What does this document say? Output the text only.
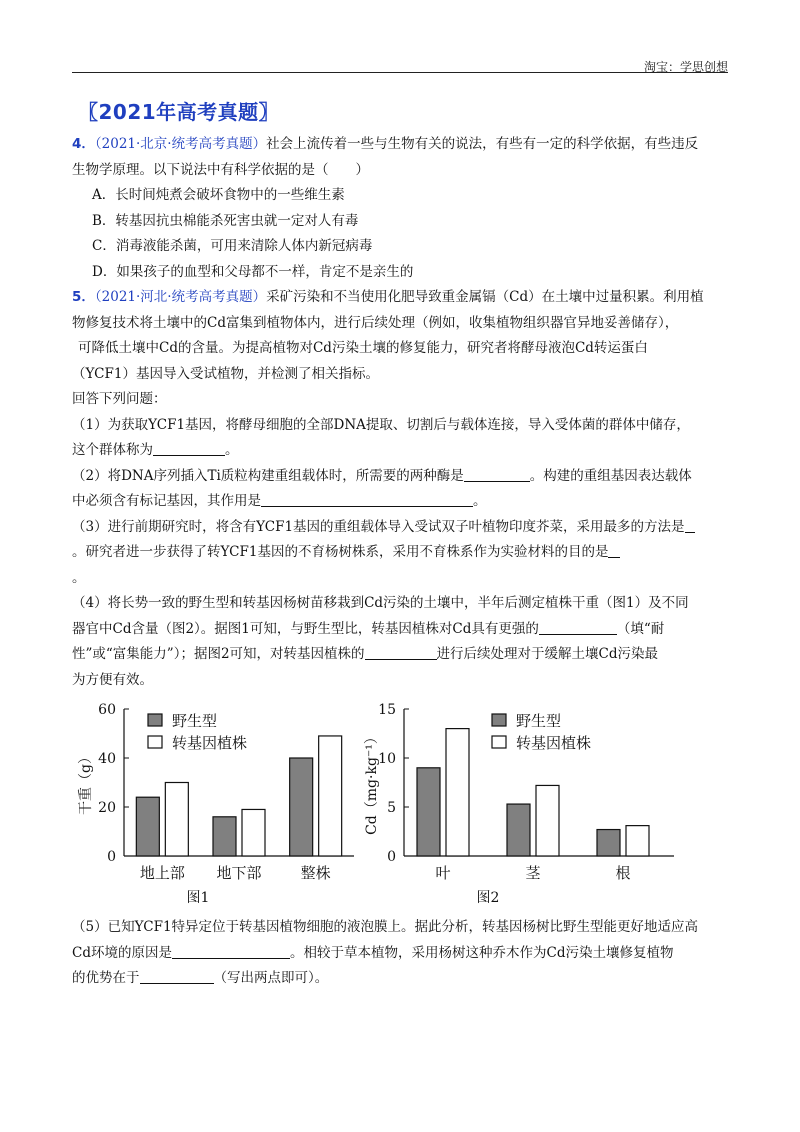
淘宝：学思创想
〖2021年高考真题〗

4．（2021·北京·统考高考真题）社会上流传着一些与生物有关的说法，有些有一定的科学依据，有些违反

生物学原理。以下说法中有科学依据的是（　　）

A．长时间炖煮会破坏食物中的一些维生素

B．转基因抗虫棉能杀死害虫就一定对人有毒

C．消毒液能杀菌，可用来清除人体内新冠病毒

D．如果孩子的血型和父母都不一样，肯定不是亲生的

5．（2021·河北·统考高考真题）采矿污染和不当使用化肥导致重金属镉（Cd）在土壤中过量积累。利用植

物修复技术将土壤中的Cd富集到植物体内，进行后续处理（例如，收集植物组织器官异地妥善储存），

可降低土壤中Cd的含量。为提高植物对Cd污染土壤的修复能力，研究者将酵母液泡Cd转运蛋白

（YCF1）基因导入受试植物，并检测了相关指标。

回答下列问题：

（1）为获取YCF1基因，将酵母细胞的全部DNA提取、切割后与载体连接，导入受体菌的群体中储存，

这个群体称为	。

（2）将DNA序列插入Ti质粒构建重组载体时，所需要的两种酶是	。构建的重组基因表达载体

中必须含有标记基因，其作用是	。

（3）进行前期研究时，将含有YCF1基因的重组载体导入受试双子叶植物印度芥菜，采用最多的方法是

。研究者进一步获得了转YCF1基因的不育杨树株系，采用不育株系作为实验材料的目的是

。

（4）将长势一致的野生型和转基因杨树苗移栽到Cd污染的土壤中，半年后测定植株干重（图1）及不同

器官中Cd含量（图2）。据图1可知，与野生型比，转基因植株对Cd具有更强的	（填“耐

性”或“富集能力”）；据图2可知，对转基因植株的	进行后续处理对于缓解土壤Cd污染最

为方便有效。

0
20
40
60
干重（g）
地上部 地下部	整株
野生型
转基因植株
图1
0
5
10
15
Cd（mg·kg⁻¹）
叶	茎	根
野生型
转基因植株
图2

（5）已知YCF1特异定位于转基因植物细胞的液泡膜上。据此分析，转基因杨树比野生型能更好地适应高

Cd环境的原因是	。相较于草本植物，采用杨树这种乔木作为Cd污染土壤修复植物

的优势在于	（写出两点即可）。
